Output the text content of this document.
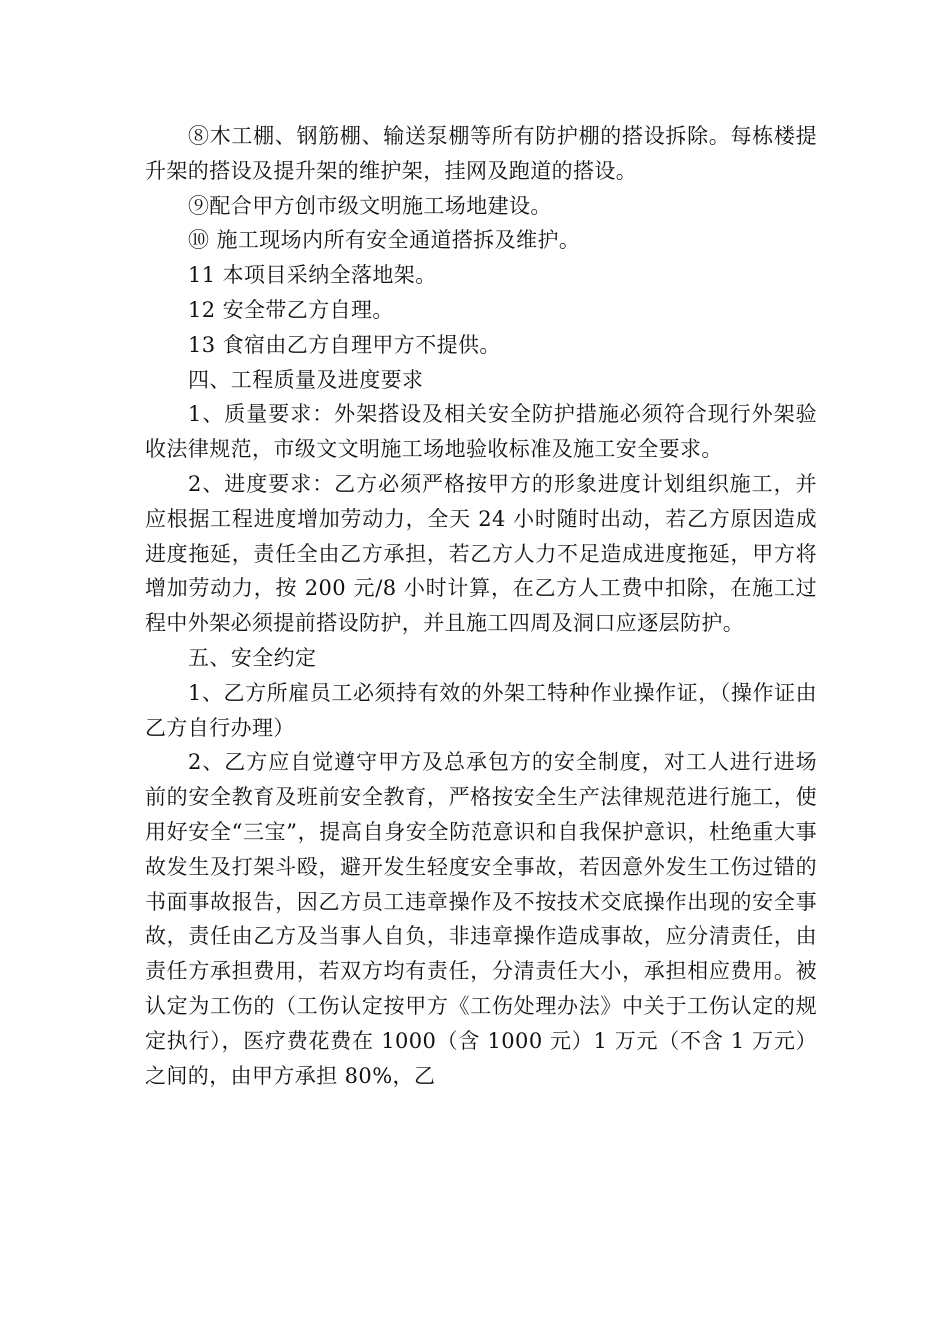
⑧木工棚、钢筋棚、输送泵棚等所有防护棚的搭设拆除。每栋楼提升架的搭设及提升架的维护架，挂网及跑道的搭设。

⑨配合甲方创市级文明施工场地建设。

⑩ 施工现场内所有安全通道搭拆及维护。

11 本项目采纳全落地架。

12 安全带乙方自理。

13 食宿由乙方自理甲方不提供。

四、工程质量及进度要求

1、质量要求：外架搭设及相关安全防护措施必须符合现行外架验收法律规范，市级文文明施工场地验收标准及施工安全要求。

2、进度要求：乙方必须严格按甲方的形象进度计划组织施工，并应根据工程进度增加劳动力，全天 24 小时随时出动，若乙方原因造成进度拖延，责任全由乙方承担，若乙方人力不足造成进度拖延，甲方将增加劳动力，按 200 元/8 小时计算，在乙方人工费中扣除，在施工过程中外架必须提前搭设防护，并且施工四周及洞口应逐层防护。

五、安全约定

1、乙方所雇员工必须持有效的外架工特种作业操作证，（操作证由乙方自行办理）

2、乙方应自觉遵守甲方及总承包方的安全制度，对工人进行进场前的安全教育及班前安全教育，严格按安全生产法律规范进行施工，使用好安全“三宝”，提高自身安全防范意识和自我保护意识，杜绝重大事故发生及打架斗殴，避开发生轻度安全事故，若因意外发生工伤过错的书面事故报告，因乙方员工违章操作及不按技术交底操作出现的安全事故，责任由乙方及当事人自负，非违章操作造成事故，应分清责任，由责任方承担费用，若双方均有责任，分清责任大小，承担相应费用。被认定为工伤的（工伤认定按甲方《工伤处理办法》中关于工伤认定的规定执行），医疗费花费在 1000（含 1000 元）1 万元（不含 1 万元）之间的，由甲方承担 80%，乙
